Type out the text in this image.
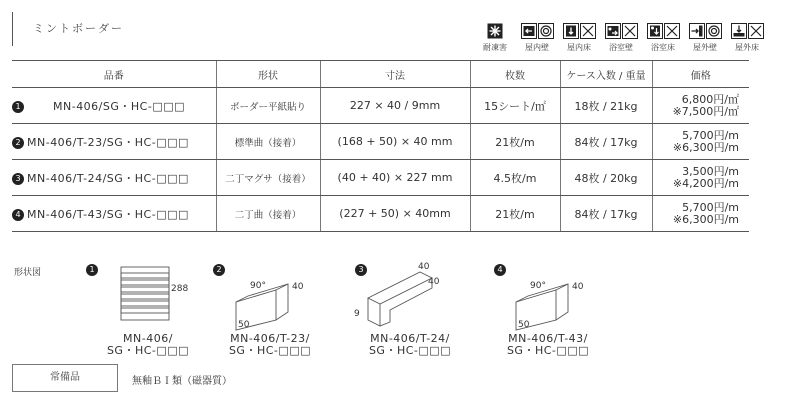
ミントボーダー
耐凍害 屋内壁 屋内床 浴室壁 浴室床 屋外壁 屋外床
品番	形状	寸法	枚数	ケース入数 / 重量	価格
1 MN-406/SG・HC-□□□	ボーダー平紙貼り	227 × 40 / 9mm	15シート/㎡	18枚 / 21kg	6,800円/㎡
※7,500円/㎡

2 MN-406/T-23/SG・HC-□□□	標準曲（接着）	(168 + 50) × 40 mm	21枚/m	84枚 / 17kg	5,700円/m
※6,300円/m

3 MN-406/T-24/SG・HC-□□□	二丁マグサ（接着）	(40 + 40) × 227 mm	4.5枚/m	48枚 / 20kg	3,500円/m
※4,200円/m

4 MN-406/T-43/SG・HC-□□□	二丁曲（接着）	(227 + 50) × 40mm	21枚/m	84枚 / 17kg	5,700円/m
※6,300円/m
形状図	1
288
MN-406/
SG・HC-□□□
2
90°	40
50
MN-406/T-23/
SG・HC-□□□
3	40
40
9
MN-406/T-24/
SG・HC-□□□
4
90°	40
50
MN-406/T-43/
SG・HC-□□□
常備品	無釉ＢＩ類（磁器質）
